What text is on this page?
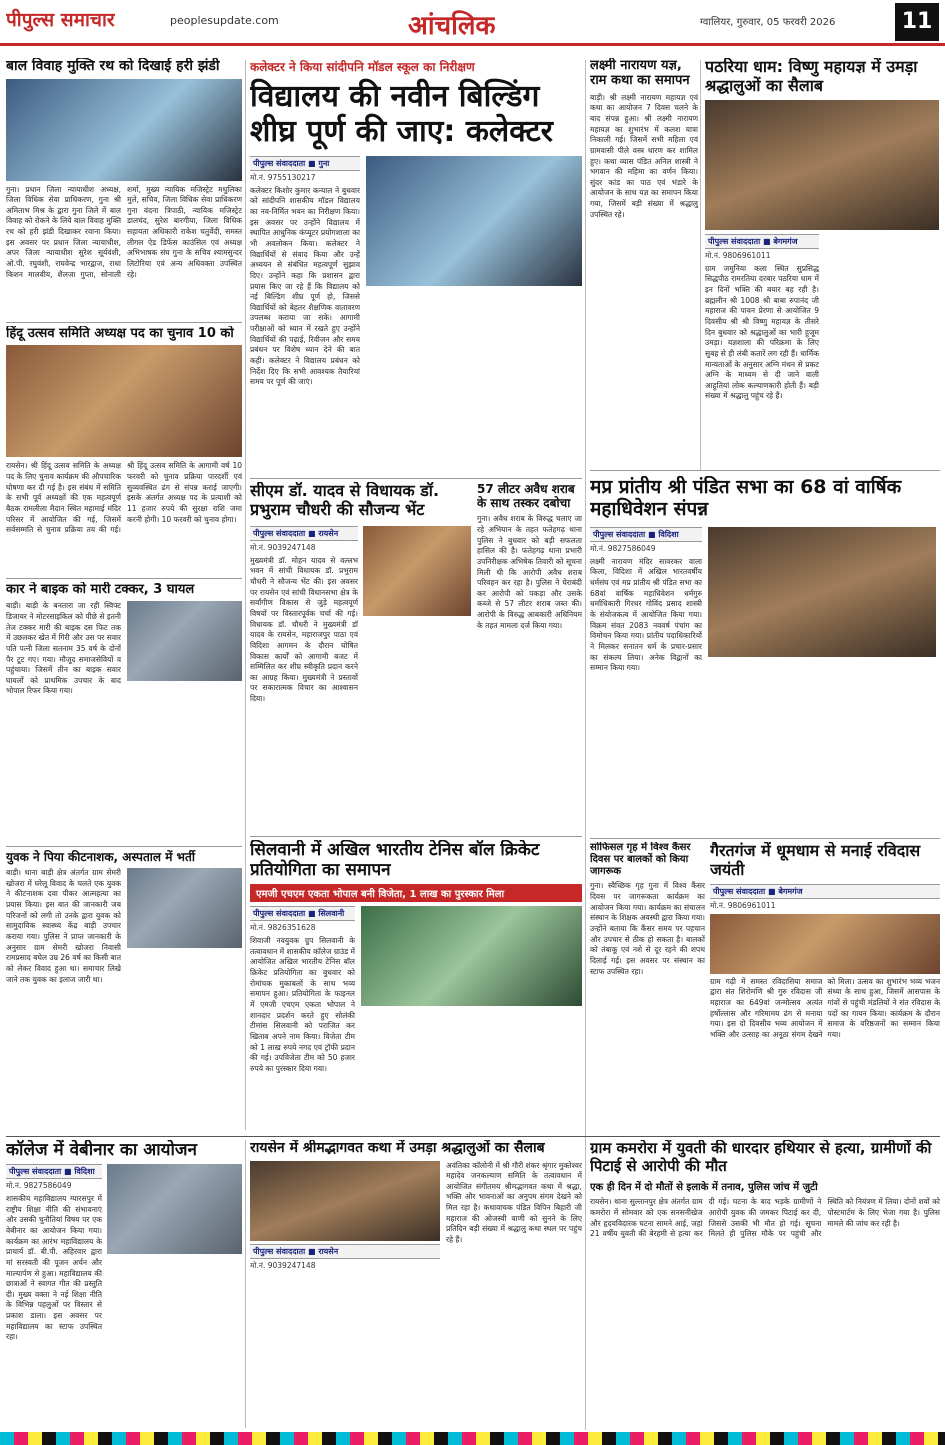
पीपुल्स समाचार	peoplesupdate.com	आंचलिक	ग्वालियर, गुरुवार, 05 फरवरी 2026	11
बाल विवाह मुक्ति रथ को दिखाई हरी झंडी
गुना। प्रधान जिला न्यायाधीश अध्यक्ष, जिला विधिक सेवा प्राधिकरण, गुना श्री अमिताभ मिश्र के द्वारा गुना जिले में बाल विवाह को रोकने के लिये बाल विवाह मुक्ति रथ को हरी झंडी दिखाकर रवाना किया। इस अवसर पर प्रधान जिला न्यायाधीश, अपर जिला न्यायाधीश सुरेश सूर्यवंशी, ओ.पी. रघुवंशी, राघवेन्द्र भारद्वाज, राधा किशन मालवीय, शैलजा गुप्ता, सोनाली शर्मा, मुख्य न्यायिक मजिस्ट्रेट मधुलिका मुले, सचिव, जिला विधिक सेवा प्राधिकरण गुना वंदना त्रिपाठी, न्यायिक मजिस्ट्रेट डालचंद, सुरेश बारगीया, जिला विधिक सहायता अधिकारी राकेश चतुर्वेदी, समस्त लीगल ऐड डिफेंस काउंसिल एवं अध्यक्ष अभिभाषक संघ गुना के सचिव श्यामसुन्दर लिटोरिया एवं अन्य अधिवक्ता उपस्थित रहे।
हिंदू उत्सव समिति अध्यक्ष पद का चुनाव 10 को
रायसेन। श्री हिंदू उत्सव समिति के अध्यक्ष पद के लिए चुनाव कार्यक्रम की औपचारिक घोषणा कर दी गई है। इस संबंध में समिति के सभी पूर्व अध्यक्षों की एक महत्वपूर्ण बैठक रामलीला मैदान स्थित महामाई मंदिर परिसर में आयोजित की गई, जिसमें सर्वसम्मति से चुनाव प्रक्रिया तय की गई। श्री हिंदू उत्सव समिति के आगामी वर्ष 10 फरवरी को चुनाव प्रक्रिया पारदर्शी एवं सुव्यवस्थित ढंग से संपन्न कराई जाएगी। इसके अंतर्गत अध्यक्ष पद के प्रत्याशी को 11 हजार रुपये की सुरक्षा राशि जमा करनी होगी। 10 फरवरी को चुनाव होगा।
कार ने बाइक को मारी टक्कर, 3 घायल
बाड़ी। बाड़ी के बनतारा जा रही स्विफ्ट डिजायर ने मोटरसाइकिल को पीछे से इतनी तेज टक्कर मारी की बाइक दस फिट तक में उछलकर खेत में गिरी और उस पर सवार पति पत्नी जिला सतनाम 35 वर्ष के दोनों पैर टूट गए। गया। मौजूद समाजसेवियों व पहुंचाया। जिसमें तीन का बाइक सवार घायलों को प्राथमिक उपचार के बाद भोपाल रिफर किया गया।
युवक ने पिया कीटनाशक, अस्पताल में भर्ती
बाड़ी। थाना बाड़ी क्षेत्र अंतर्गत ग्राम सेमरी खोजरा में घरेलू विवाद के चलते एक युवक ने कीटनाशक दवा पीकर आत्महत्या का प्रयास किया। इस बात की जानकारी जब परिजनों को लगी तो उनके द्वारा युवक को सामुदायिक स्वास्थ्य केंद्र बाड़ी उपचार कराया गया। पुलिस ने प्राप्त जानकारी के अनुसार ग्राम सेमरी खोजरा निवासी रामप्रसाद बघेल उम्र 26 वर्ष का किसी बात को लेकर विवाद हुआ था। समाचार लिखे जाने तक युवक का इलाज जारी था।
कलेक्टर ने किया सांदीपनि मॉडल स्कूल का निरीक्षण
विद्यालय की नवीन बिल्डिंग शीघ्र पूर्ण की जाए: कलेक्टर
पीपुल्स संवाददाता ■ गुना
मो.नं. 9755130217
कलेक्टर किशोर कुमार कन्याल ने बुधवार को सांदीपनि शासकीय मॉडल विद्यालय का नव-निर्मित भवन का निरीक्षण किया। इस अवसर पर उन्होंने विद्यालय में स्थापित आधुनिक कंप्यूटर प्रयोगशाला का भी अवलोकन किया। कलेक्टर ने विद्यार्थियों से संवाद किया और उन्हें अध्ययन से संबंधित महत्वपूर्ण सुझाव दिए। उन्होंने कहा कि प्रशासन द्वारा प्रयास किए जा रहे हैं कि विद्यालय को नई बिल्डिंग शीघ्र पूर्ण हो, जिससे विद्यार्थियों को बेहतर शैक्षणिक वातावरण उपलब्ध कराया जा सके। आगामी परीक्षाओं को ध्यान में रखते हुए उन्होंने विद्यार्थियों की पढ़ाई, रिवीजन और समय प्रबंधन पर विशेष ध्यान देने की बात कही। कलेक्टर ने विद्यालय प्रबंधन को निर्देश दिए कि सभी आवश्यक तैयारियां समय पर पूर्ण की जाएं।
लक्ष्मी नारायण यज्ञ, राम कथा का समापन
बाड़ी। श्री लक्ष्मी नारायण महायज्ञ एवं कथा का आयोजन 7 दिवस चलने के बाद संपन्न हुआ। श्री लक्ष्मी नारायण महायज्ञ का शुभारंभ में कलश यात्रा निकाली गई। जिसमें सभी महिला एवं ग्रामवासी पीले वस्त्र धारण कर शामिल हुए। कथा व्यास पंडित अनिल शास्त्री ने भगवान की महिमा का वर्णन किया। सुंदर कांड का पाठ एवं भंडारे के आयोजन के साथ यज्ञ का समापन किया गया, जिसमें बड़ी संख्या में श्रद्धालु उपस्थित रहे।
पठरिया धाम: विष्णु महायज्ञ में उमड़ा श्रद्धालुओं का सैलाब
पीपुल्स संवाददाता ■ बेगमगंज
मो.नं. 9806961011
ग्राम जमुनिया कला स्थित सुप्रसिद्ध सिद्धपीठ रामरतिया दरबार पठरिया धाम में इन दिनों भक्ति की बयार बह रही है। ब्रह्मलीन श्री 1008 श्री बाबा रुपानंद जी महाराज की पावन प्रेरणा से आयोजित 9 दिवसीय श्री श्री विष्णु महायज्ञ के तीसरे दिन बुधवार को श्रद्धालुओं का भारी हुजूम उमड़ा। यज्ञशाला की परिक्रमा के लिए सुबह से ही लंबी कतारें लग रही हैं। धार्मिक मान्यताओं के अनुसार अग्नि मंथन से प्रकट अग्नि के माध्यम से दी जाने वाली आहुतियां लोक कल्याणकारी होती हैं। बड़ी संख्या में श्रद्धालु पहुंच रहे हैं।
सीएम डॉ. यादव से विधायक डॉ. प्रभुराम चौधरी की सौजन्य भेंट
पीपुल्स संवाददाता ■ रायसेन
मो.नं. 9039247148
मुख्यमंत्री डॉ. मोहन यादव से वल्लभ भवन में सांची विधायक डॉ. प्रभुराम चौधरी ने सौजन्य भेंट की। इस अवसर पर रायसेन एवं सांची विधानसभा क्षेत्र के सर्वांगीण विकास से जुड़े महत्वपूर्ण विषयों पर विस्तारपूर्वक चर्चा की गई। विधायक डॉ. चौधरी ने मुख्यमंत्री डॉ यादव के रायसेन, महाराजपुर पाठा एवं विदिशा आगमन के दौरान घोषित विकास कार्यों को आगामी बजट में सम्मिलित कर शीघ्र स्वीकृति प्रदान करने का आग्रह किया। मुख्यमंत्री ने प्रस्तावों पर सकारात्मक विचार का आश्वासन दिया।
57 लीटर अवैध शराब के साथ तस्कर दबोचा
गुना। अवैध शराब के विरुद्ध चलाए जा रहे अभियान के तहत फतेहगढ़ थाना पुलिस ने बुधवार को बड़ी सफलता हासिल की है। फतेहगढ़ थाना प्रभारी उपनिरीक्षक अभिषेक तिवारी को सूचना मिली थी कि आरोपी अवैध शराब परिवहन कर रहा है। पुलिस ने घेराबंदी कर आरोपी को पकड़ा और उसके कब्जे से 57 लीटर शराब जब्त की। आरोपी के विरुद्ध आबकारी अधिनियम के तहत मामला दर्ज किया गया।
मप्र प्रांतीय श्री पंडित सभा का 68 वां वार्षिक महाधिवेशन संपन्न
पीपुल्स संवाददाता ■ विदिशा
मो.नं. 9827586049
लक्ष्मी नारायण मंदिर सावरकर वाला किला, विदिशा में अखिल भारतवर्षीय धर्मसंघ एवं मप्र प्रांतीय श्री पंडित सभा का 68वां वार्षिक महाधिवेशन धर्मगुरु धर्माधिकारी गिरधर गोविंद प्रसाद शास्त्री के संयोजकत्व में आयोजित किया गया। विक्रम संवत 2083 नववर्ष पंचांग का विमोचन किया गया। प्रांतीय पदाधिकारियों ने मिलकर सनातन धर्म के प्रचार-प्रसार का संकल्प लिया। अनेक विद्वानों का सम्मान किया गया।
सिलवानी में अखिल भारतीय टेनिस बॉल क्रिकेट प्रतियोगिता का समापन
एमजी एचएम एकता भोपाल बनी विजेता, 1 लाख का पुरस्कार मिला
पीपुल्स संवाददाता ■ सिलवानी
मो.नं. 9826351628
शिवाजी नवयुवक ग्रुप सिलवानी के तत्वावधान में शासकीय कॉलेज ग्राउंड में आयोजित अखिल भारतीय टेनिस बॉल क्रिकेट प्रतियोगिता का बुधवार को रोमांचक मुकाबलों के साथ भव्य समापन हुआ। प्रतियोगिता के फाइनल में एमजी एचएम एकता भोपाल ने शानदार प्रदर्शन करते हुए सोलंकी टीमांस सिलवानी को पराजित कर खिताब अपने नाम किया। विजेता टीम को 1 लाख रुपये नगद एवं ट्रॉफी प्रदान की गई। उपविजेता टीम को 50 हजार रुपये का पुरस्कार दिया गया।
सोफिसल गृह में विश्व कैंसर दिवस पर बालकों को किया जागरूक
गुना। स्वैच्छिक गृह गुना में विश्व कैंसर दिवस पर जागरूकता कार्यक्रम का आयोजन किया गया। कार्यक्रम का संचालन संस्थान के शिक्षक अवस्थी द्वारा किया गया। उन्होंने बताया कि कैंसर समय पर पहचान और उपचार से ठीक हो सकता है। बालकों को तंबाकू एवं नशे से दूर रहने की शपथ दिलाई गई। इस अवसर पर संस्थान का स्टाफ उपस्थित रहा।
गैरतगंज में धूमधाम से मनाई रविदास जयंती
पीपुल्स संवाददाता ■ बेगमगंज
मो.नं. 9806961011
ग्राम गढ़ी में समस्त रविदासिया समाज द्वारा संत शिरोमणि श्री गुरु रविदास जी महाराज का 649वां जन्मोत्सव अत्यंत हर्षोल्लास और गरिमामय ढंग से मनाया गया। इस दो दिवसीय भव्य आयोजन में भक्ति और उत्साह का अनूठा संगम देखने को मिला। उत्सव का शुभारंभ भव्य भजन संध्या के साथ हुआ, जिसमें आसपास के गांवों से पहुंची मंडलियों ने संत रविदास के पदों का गायन किया। कार्यक्रम के दौरान समाज के वरिष्ठजनों का सम्मान किया गया।
कॉलेज में वेबीनार का आयोजन
पीपुल्स संवाददाता ■ विदिशा
मो.नं. 9827586049
शासकीय महाविद्यालय ग्यारसपुर में राष्ट्रीय शिक्षा नीति की संभावनाएं और उसकी चुनौतियां विषय पर एक वेबीनार का आयोजन किया गया। कार्यक्रम का आरंभ महाविद्यालय के प्राचार्य डॉ. बी.पी. अहिरवार द्वारा मां सरस्वती की पूजन अर्चन और माल्यार्पण से हुआ। महाविद्यालय की छात्राओं ने स्वागत गीत की प्रस्तुति दी। मुख्य वक्ता ने नई शिक्षा नीति के विभिन्न पहलुओं पर विस्तार से प्रकाश डाला। इस अवसर पर महाविद्यालय का स्टाफ उपस्थित रहा।
रायसेन में श्रीमद्भागवत कथा में उमड़ा श्रद्धालुओं का सैलाब
पीपुल्स संवाददाता ■ रायसेन
मो.नं. 9039247148
अवंतिका कॉलोनी में श्री गौरी शंकर श्रृंगार मुक्तेश्वर महादेव जनकल्याण समिति के तत्वावधान में आयोजित संगीतमय श्रीमद्भागवत कथा में श्रद्धा, भक्ति और भावनाओं का अनुपम संगम देखने को मिल रहा है। कथावाचक पंडित विपिन बिहारी जी महाराज की ओजस्वी वाणी को सुनने के लिए प्रतिदिन बड़ी संख्या में श्रद्धालु कथा स्थल पर पहुंच रहे हैं।
ग्राम कमरोरा में युवती की धारदार हथियार से हत्या, ग्रामीणों की पिटाई से आरोपी की मौत
एक ही दिन में दो मौतों से इलाके में तनाव, पुलिस जांच में जुटी
रायसेन। थाना सुल्तानपुर क्षेत्र अंतर्गत ग्राम कमरोरा में सोमवार को एक सनसनीखेज और हृदयविदारक घटना सामने आई, जहां 21 वर्षीय युवती की बेरहमी से हत्या कर दी गई। घटना के बाद भड़के ग्रामीणों ने आरोपी युवक की जमकर पिटाई कर दी, जिससे उसकी भी मौत हो गई। सूचना मिलते ही पुलिस मौके पर पहुंची और स्थिति को नियंत्रण में लिया। दोनों शवों को पोस्टमार्टम के लिए भेजा गया है। पुलिस मामले की जांच कर रही है।
